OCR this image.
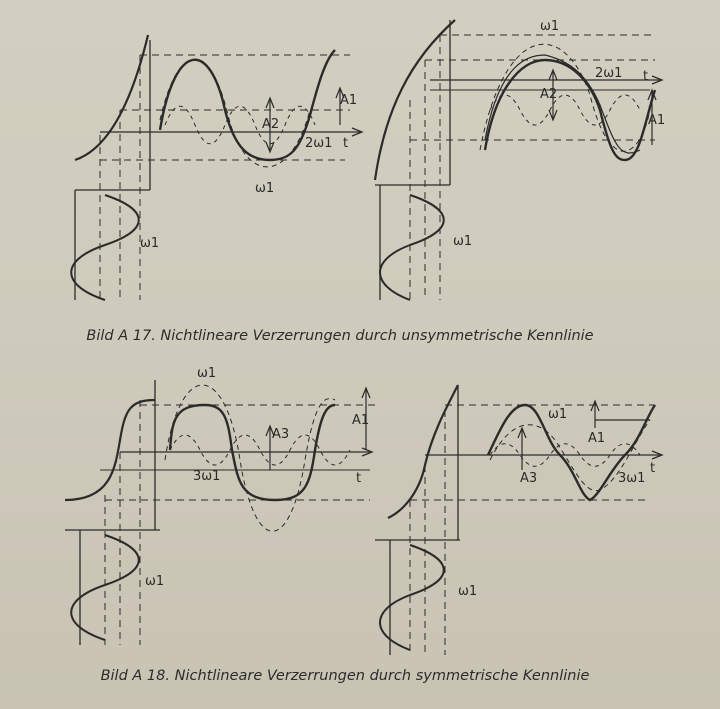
A1
A2
2ω1 t
ω1
ω1
ω1
2ω1 t
A2
A1
ω1
ω1
A1
A3
3ω1	t
ω1
ω1
A1
A3	3ω1
t
ω1
Bild A 17. Nichtlineare Verzerrungen durch unsymmetrische Kennlinie
Bild A 18. Nichtlineare Verzerrungen durch symmetrische Kennlinie
